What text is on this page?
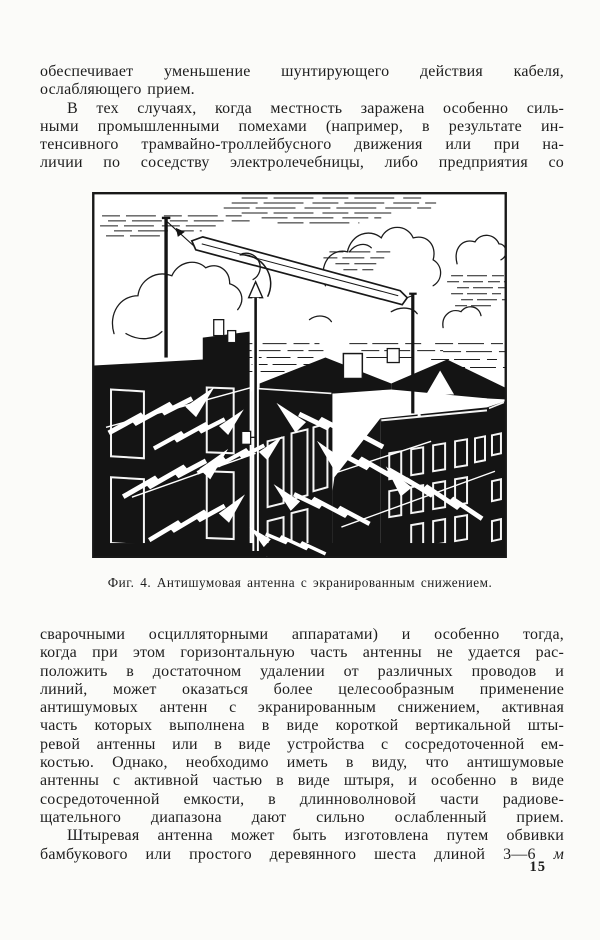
обеспечивает уменьшение шунтирующего действия кабеля,
ослабляющего прием.
В тех случаях, когда местность заражена особенно силь-
ными промышленными помехами (например, в результате ин-
тенсивного трамвайно-троллейбусного движения или при на-
личии по соседству электролечебницы, либо предприятия со
Фиг. 4. Антишумовая антенна с экранированным снижением.
сварочными осцилляторными аппаратами) и особенно тогда,
когда при этом горизонтальную часть антенны не удается рас-
положить в достаточном удалении от различных проводов и
линий, может оказаться более целесообразным применение
антишумовых антенн с экранированным снижением, активная
часть которых выполнена в виде короткой вертикальной шты-
ревой антенны или в виде устройства с сосредоточенной ем-
костью. Однако, необходимо иметь в виду, что антишумовые
антенны с активной частью в виде штыря, и особенно в виде
сосредоточенной емкости, в длинноволновой части радиове-
щательного диапазона дают сильно ослабленный прием.
Штыревая антенна может быть изготовлена путем обвивки
бамбукового или простого деревянного шеста длиной 3—6 м
15
